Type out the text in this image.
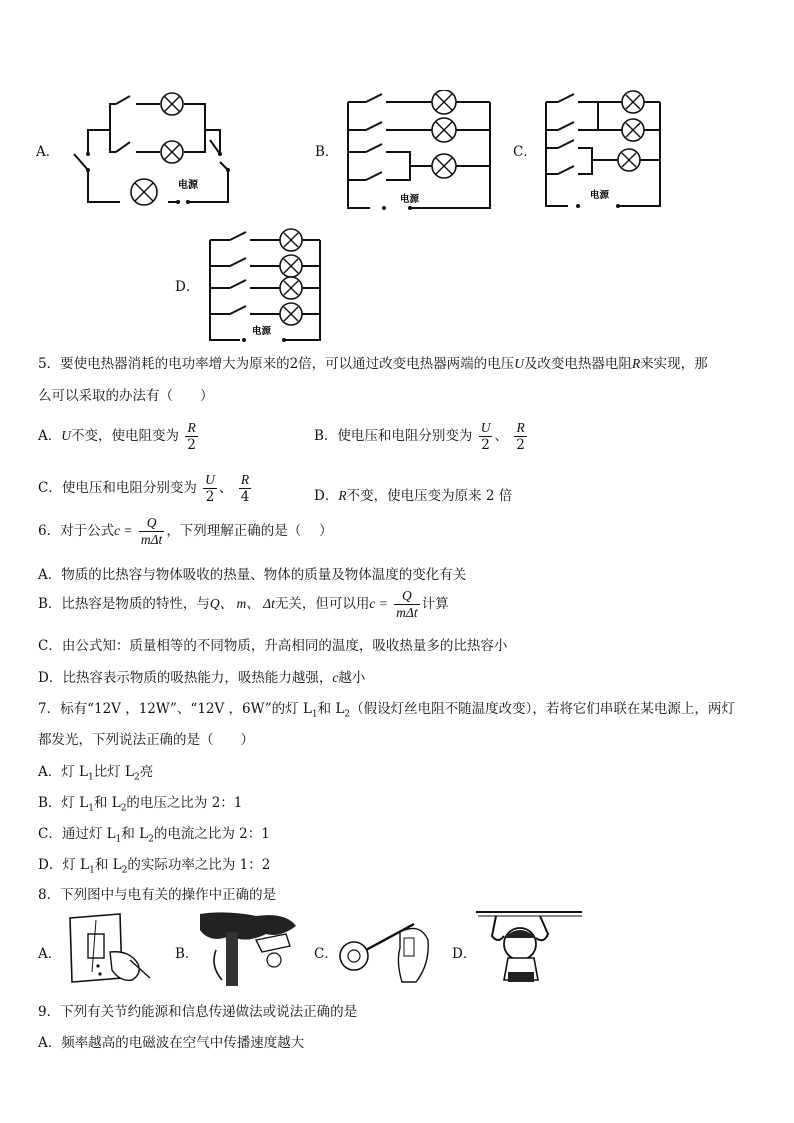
A．
电源
B．
电源
C．
电源
D．
电源
5．要使电热器消耗的电功率增大为原来的2倍，可以通过改变电热器两端的电压U及改变电热器电阻R来实现，那
么可以采取的办法有（　　）
A．U不变，使电阻变为 $\frac{R}{2}$	B．使电压和电阻分别变为 $\frac{U}{2}$ 、 $\frac{R}{2}$
C．使电压和电阻分别变为 $\frac{U}{2}$ 、 $\frac{R}{4}$	D．R不变，使电压变为原来 2 倍
6．对于公式$c = \frac{Q}{\text{mΔt}}$ ，下列理解正确的是（　 ）
A．物质的比热容与物体吸收的热量、物体的质量及物体温度的变化有关
B．比热容是物质的特性，与Q、 m、 Δt无关，但可以用$c = \frac{Q}{\text{mΔt}}$ 计算
C．由公式知：质量相等的不同物质，升高相同的温度，吸收热量多的比热容小
D．比热容表示物质的吸热能力，吸热能力越强，c越小
7．标有“12V ，12W”、“12V ，6W”的灯 $L_1$和 $L_2$（假设灯丝电阻不随温度改变），若将它们串联在某电源上，两灯
都发光，下列说法正确的是（　　）
A．灯 $L_1$比灯 $L_2$亮
B．灯 $L_1$和 $L_2$的电压之比为 2：1
C．通过灯 $L_1$和 $L_2$的电流之比为 2：1
D．灯 $L_1$和 $L_2$的实际功率之比为 1：2
8．下列图中与电有关的操作中正确的是
A．	B．	C．	D．
9．下列有关节约能源和信息传递做法或说法正确的是
A．频率越高的电磁波在空气中传播速度越大
